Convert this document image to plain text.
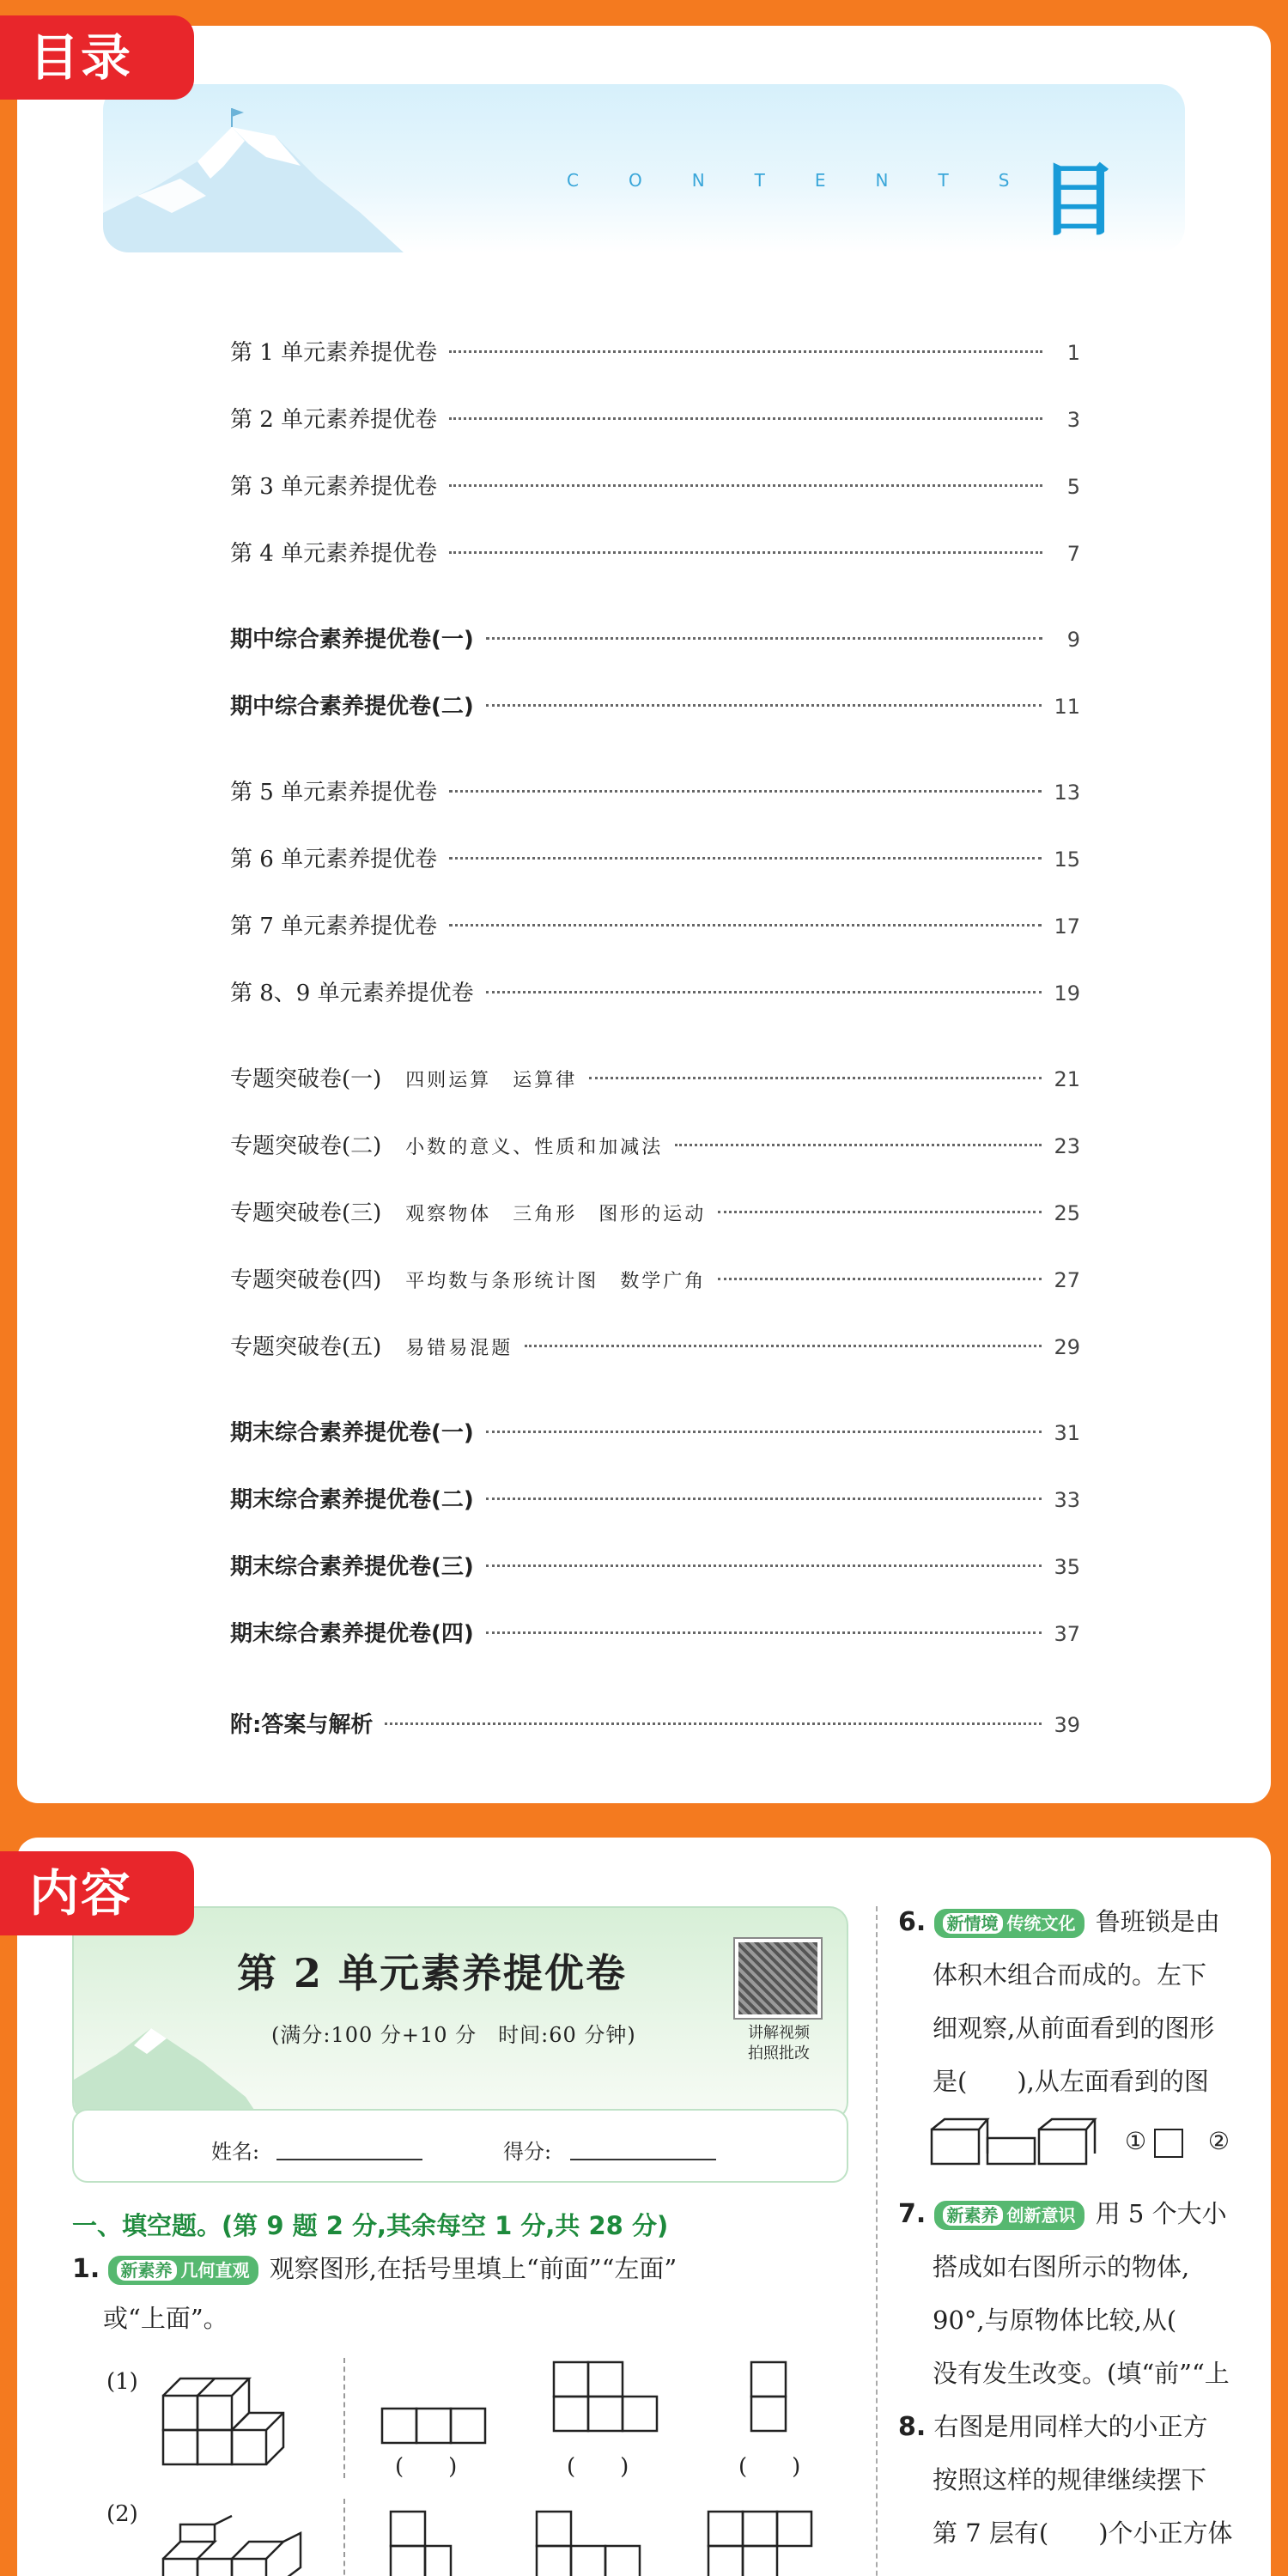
目录
内容
CONTENTS
目
第 1 单元素养提优卷	1
第 2 单元素养提优卷	3
第 3 单元素养提优卷	5
第 4 单元素养提优卷	7
期中综合素养提优卷(一)	9
期中综合素养提优卷(二)	11
第 5 单元素养提优卷	13
第 6 单元素养提优卷	15
第 7 单元素养提优卷	17
第 8、9 单元素养提优卷	19
专题突破卷(一) 四则运算　运算律	21
专题突破卷(二) 小数的意义、性质和加减法	23
专题突破卷(三) 观察物体　三角形　图形的运动	25
专题突破卷(四) 平均数与条形统计图　数学广角	27
专题突破卷(五) 易错易混题	29
期末综合素养提优卷(一)	31
期末综合素养提优卷(二)	33
期末综合素养提优卷(三)	35
期末综合素养提优卷(四)	37
附:答案与解析	39
第 2 单元素养提优卷
(满分:100 分+10 分　时间:60 分钟)	讲解视频
拍照批改
姓名:	得分:
一、填空题。(第 9 题 2 分,其余每空 1 分,共 28 分)
1. 新素养 几何直观 观察图形,在括号里填上“前面”“左面”
或“上面”。
(1)
(2)
(　　)	(　　)	(　　)
6. 新情境 传统文化 鲁班锁是由
体积木组合而成的。左下
细观察,从前面看到的图形
是(　　),从左面看到的图
①	②
7. 新素养 创新意识 用 5 个大小
搭成如右图所示的物体,
90°,与原物体比较,从(
没有发生改变。(填“前”“上
8. 右图是用同样大的小正方
按照这样的规律继续摆下
第 7 层有(　　)个小正方体
